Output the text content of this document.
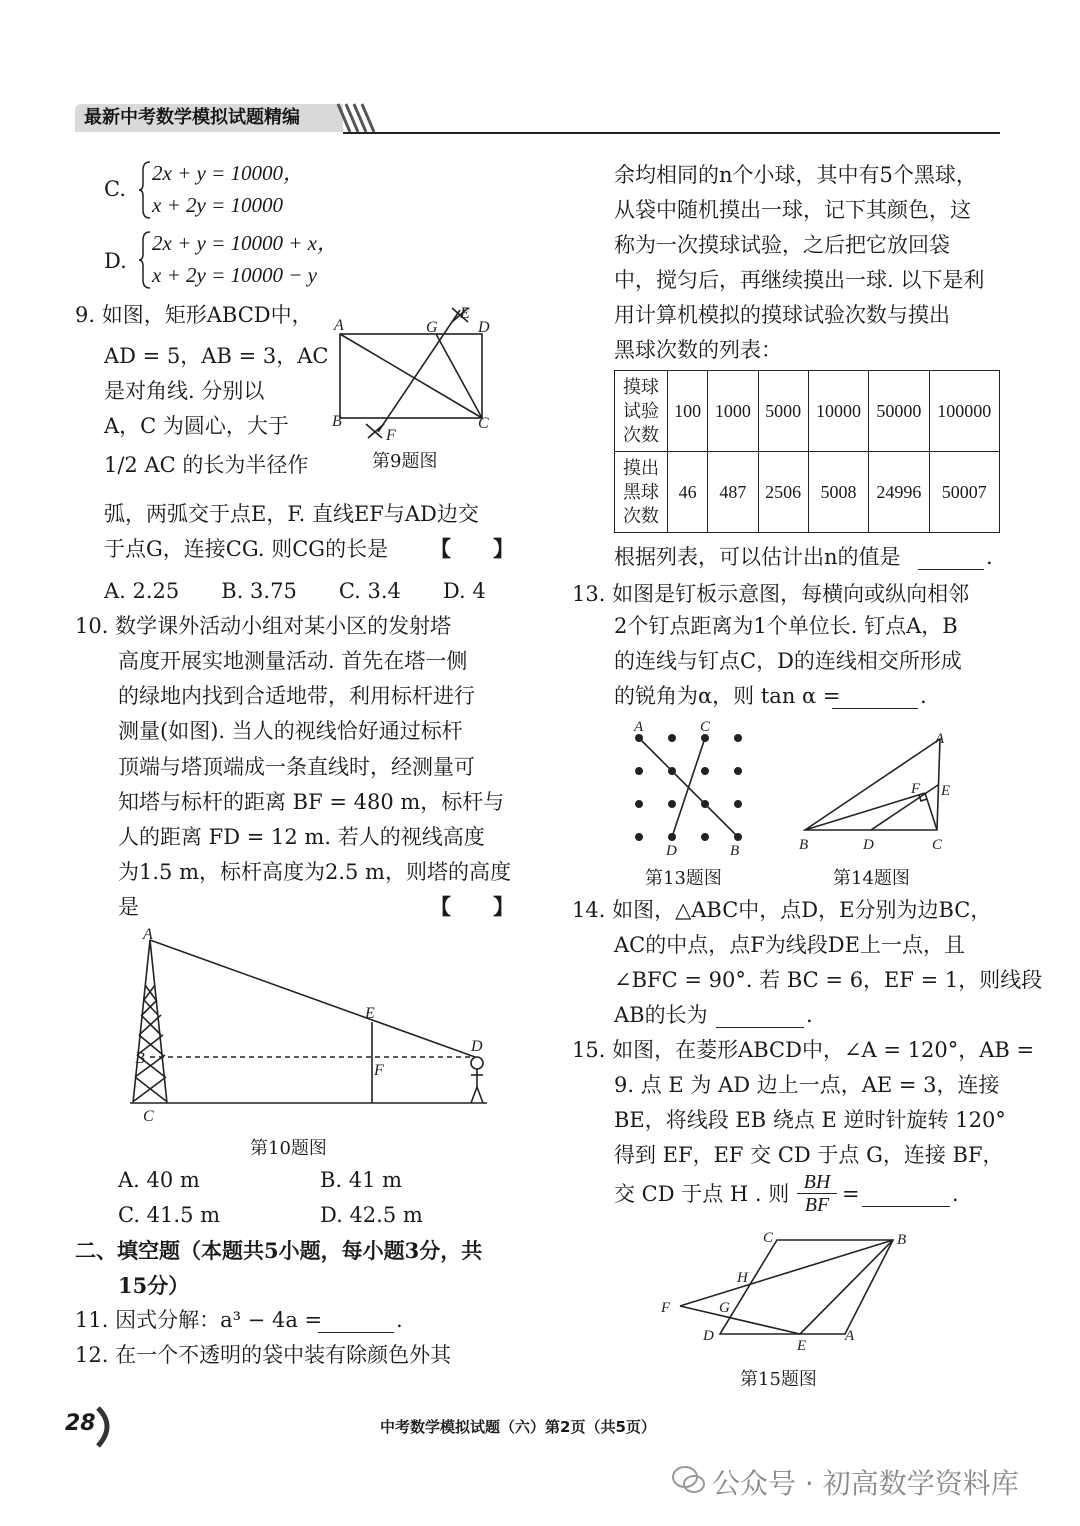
最新中考数学模拟试题精编
C.
2x + y = 10000，
x + 2y = 10000
D.
2x + y = 10000 + x，
x + 2y = 10000 − y
9. 如图，矩形ABCD中，
AD = 5，AB = 3，AC
是对角线. 分别以
A，C 为圆心，大于
1/2 AC 的长为半径作
弧，两弧交于点E，F. 直线EF与AD边交
于点G，连接CG. 则CG的长是 【　　】
A. 2.25　　B. 3.75　　C. 3.4　　D. 4
A
B	C
D
E
F
G
第9题图
10. 数学课外活动小组对某小区的发射塔
高度开展实地测量活动. 首先在塔一侧
的绿地内找到合适地带，利用标杆进行
测量(如图). 当人的视线恰好通过标杆
顶端与塔顶端成一条直线时，经测量可
知塔与标杆的距离 BF = 480 m，标杆与
人的距离 FD = 12 m. 若人的视线高度
为1.5 m，标杆高度为2.5 m，则塔的高度
是	【　　】
A
B
C
D
E
F
第10题图
A. 40 m	B. 41 m
C. 41.5 m	D. 42.5 m
二、填空题（本题共5小题，每小题3分，共
15分）
11. 因式分解：a³ − 4a =	.
12. 在一个不透明的袋中装有除颜色外其
余均相同的n个小球，其中有5个黑球，
从袋中随机摸出一球，记下其颜色，这
称为一次摸球试验，之后把它放回袋
中，搅匀后，再继续摸出一球. 以下是利
用计算机模拟的摸球试验次数与摸出
黑球次数的列表：
摸球
试验
次数	100	1000	5000	10000	50000	100000
摸出
黑球
次数	46	487	2506	5008	24996	50007
根据列表，可以估计出n的值是	.
13. 如图是钉板示意图，每横向或纵向相邻
2个钉点距离为1个单位长. 钉点A，B
的连线与钉点C，D的连线相交所形成
的锐角为α，则 tan α =	.
A	C
D	B
第13题图
A
B	C
D
E
F
第14题图
14. 如图，△ABC中，点D，E分别为边BC，
AC的中点，点F为线段DE上一点，且
∠BFC = 90°. 若 BC = 6，EF = 1，则线段
AB的长为	.
15. 如图，在菱形ABCD中，∠A = 120°，AB =
9. 点 E 为 AD 边上一点，AE = 3，连接
BE，将线段 EB 绕点 E 逆时针旋转 120°
得到 EF，EF 交 CD 于点 G，连接 BF，
交 CD 于点 H . 则 $\frac{BH}{BF}$ =	.
C	B
A
D
E
F	G
H
第15题图
28	中考数学模拟试题（六）第2页（共5页）
公众号 · 初高数学资料库
